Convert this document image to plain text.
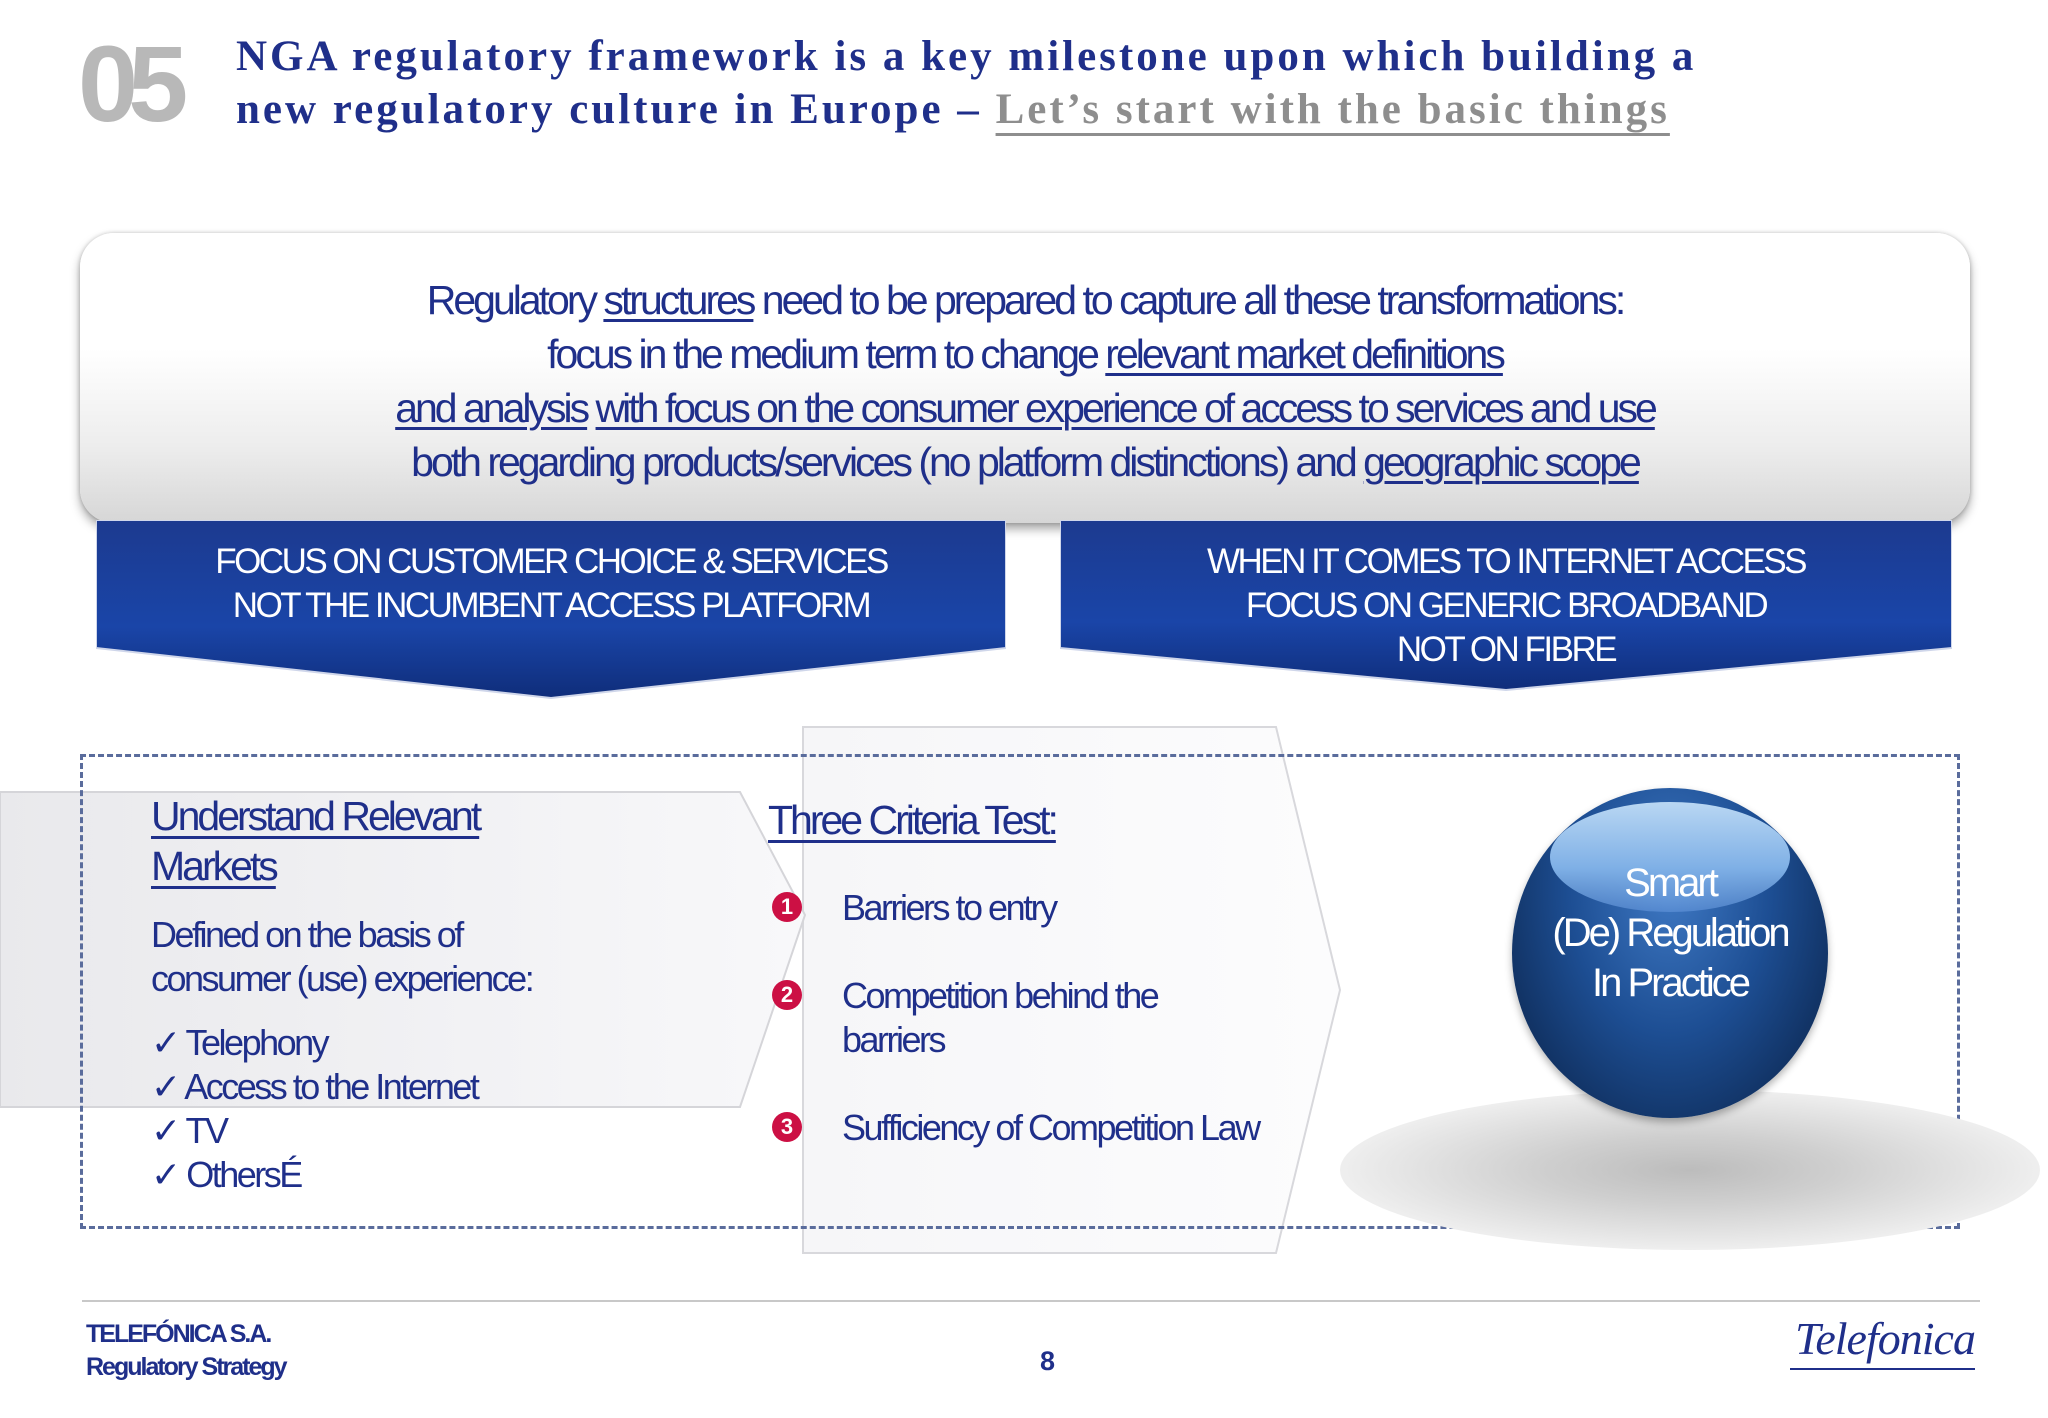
05 NGA regulatory framework is a key milestone upon which building a new regulatory culture in Europe – Let’s start with the basic things
Regulatory structures need to be prepared to capture all these transformations:
focus in the medium term to change relevant market definitions
and analysis with focus on the consumer experience of access to services and use
both regarding products/services (no platform distinctions) and geographic scope
FOCUS ON CUSTOMER CHOICE & SERVICES
NOT THE INCUMBENT ACCESS PLATFORM
WHEN IT COMES TO INTERNET ACCESS
FOCUS ON GENERIC BROADBAND
NOT ON FIBRE
Understand Relevant
Markets
Defined on the basis of
consumer (use) experience:
✓ Telephony
✓ Access to the Internet
✓ TV
✓ OthersÉ
Three Criteria Test:
1 Barriers to entry
2 Competition behind the
barriers
3 Sufficiency of Competition Law
Smart
(De) Regulation
In Practice
TELEFÓNICA S.A.
Regulatory Strategy	8	Telefonica
